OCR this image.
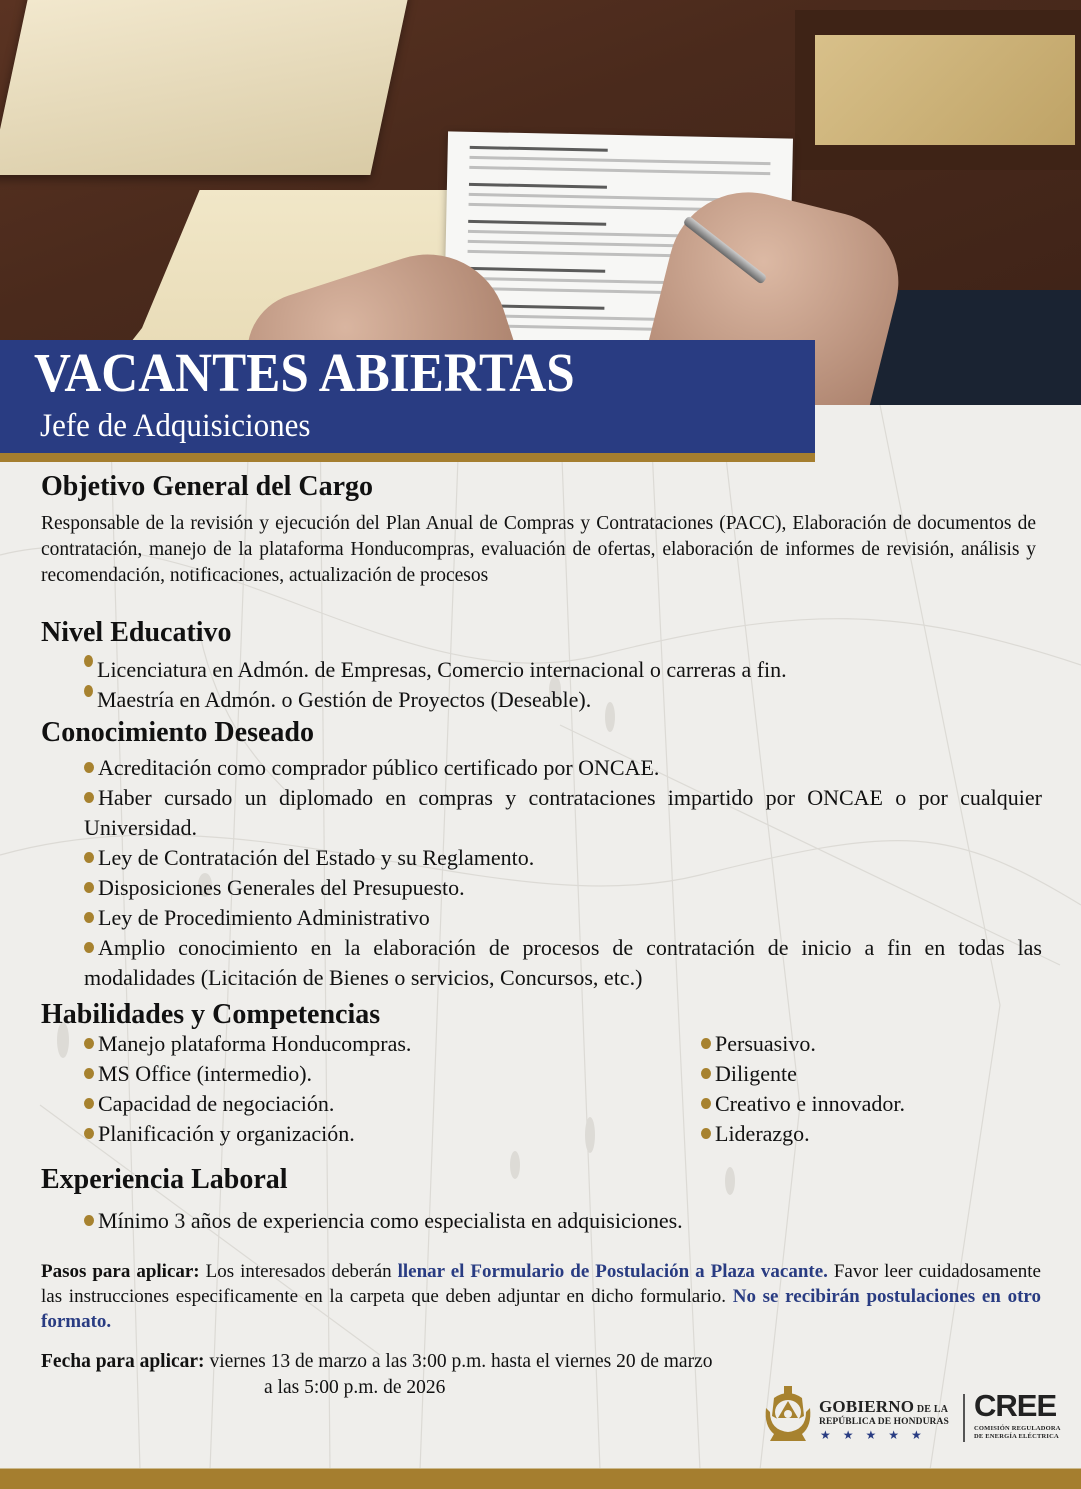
VACANTES ABIERTAS
Jefe de Adquisiciones
Objetivo General del Cargo
Responsable de la revisión y ejecución del Plan Anual de Compras y Contrataciones (PACC), Elaboración de documentos de contratación, manejo de la plataforma Honducompras, evaluación de ofertas, elaboración de informes de revisión, análisis y recomendación, notificaciones, actualización de procesos
Nivel Educativo
Licenciatura en Admón. de Empresas, Comercio internacional o carreras a fin.
Maestría en Admón. o Gestión de Proyectos (Deseable).
Conocimiento Deseado
Acreditación como comprador público certificado por ONCAE.
Haber cursado un diplomado en compras y contrataciones impartido por ONCAE o por cualquier Universidad.
Ley de Contratación del Estado y su Reglamento.
Disposiciones Generales del Presupuesto.
Ley de Procedimiento Administrativo
Amplio conocimiento en la elaboración de procesos de contratación de inicio a fin en todas las modalidades (Licitación de Bienes o servicios, Concursos, etc.)
Habilidades y Competencias
Manejo plataforma Honducompras.
MS Office (intermedio).
Capacidad de negociación.
Planificación y organización.
Persuasivo.
Diligente
Creativo e innovador.
Liderazgo.
Experiencia Laboral
Mínimo 3 años de experiencia como especialista en adquisiciones.
Pasos para aplicar: Los interesados deberán llenar el Formulario de Postulación a Plaza vacante. Favor leer cuidadosamente las instrucciones especificamente en la carpeta que deben adjuntar en dicho formulario. No se recibirán postulaciones en otro formato.
Fecha para aplicar: viernes 13 de marzo a las 3:00 p.m. hasta el viernes 20 de marzo
a las 5:00 p.m. de 2026
GOBIERNO DE LA
REPÚBLICA DE HONDURAS
★★★★★
CREE
COMISIÓN REGULADORA
DE ENERGÍA ELÉCTRICA
